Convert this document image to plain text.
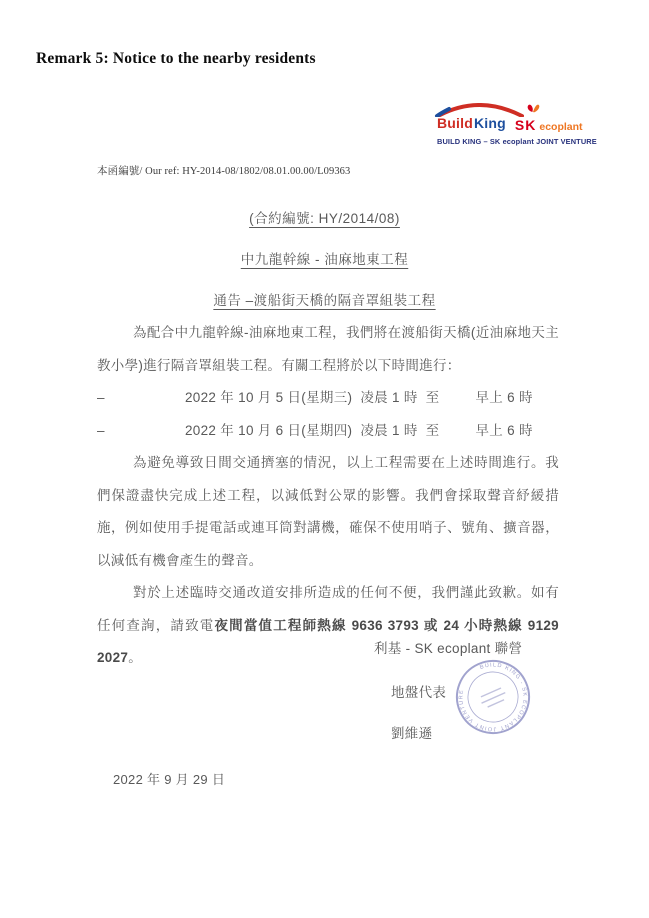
Remark 5: Notice to the nearby residents
BuildKing SK ecoplant
BUILD KING – SK ecoplant JOINT VENTURE
本函編號/ Our ref: HY-2014-08/1802/08.01.00.00/L09363
(合約編號: HY/2014/08)
中九龍幹線 - 油麻地東工程
通告 –渡船街天橋的隔音罩組裝工程

為配合中九龍幹線-油麻地東工程，我們將在渡船街天橋(近油麻地天主教小學)進行隔音罩組裝工程。有關工程將於以下時間進行：

–	2022 年 10 月 5 日(星期三) 凌晨 1 時 至	早上 6 時
–	2022 年 10 月 6 日(星期四) 凌晨 1 時 至	早上 6 時

為避免導致日間交通擠塞的情況，以上工程需要在上述時間進行。我們保證盡快完成上述工程，以減低對公眾的影響。我們會採取聲音紓緩措施，例如使用手提電話或連耳筒對講機，確保不使用哨子、號角、擴音器，以減低有機會產生的聲音。

對於上述臨時交通改道安排所造成的任何不便，我們謹此致歉。如有任何查詢，請致電夜間當值工程師熱線 9636 3793 或 24 小時熱線 9129 2027。

利基 - SK ecoplant 聯營
地盤代表
劉維遜
BUILD KING - SK ECOPLANT JOINT VENTURE
2022 年 9 月 29 日
